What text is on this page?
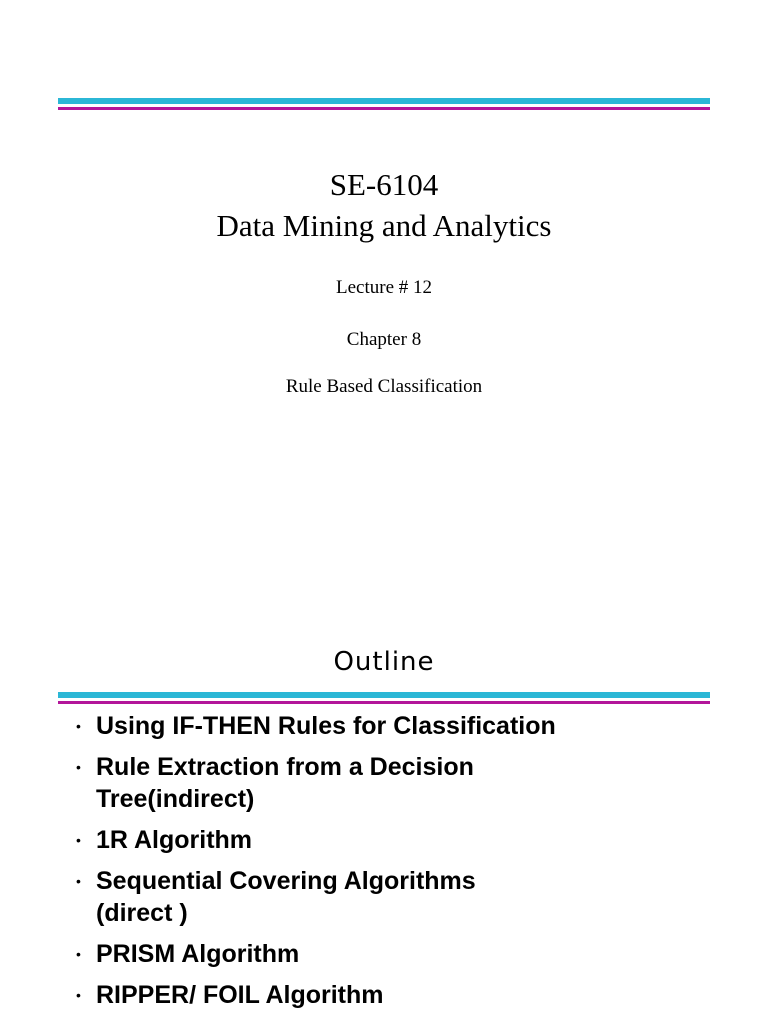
SE-6104
Data Mining and Analytics
Lecture # 12
Chapter 8
Rule Based Classification
Outline
• Using IF-THEN Rules for Classification
• Rule Extraction from a Decision Tree(indirect)
• 1R Algorithm
• Sequential Covering Algorithms (direct )
• PRISM Algorithm
• RIPPER/ FOIL Algorithm
